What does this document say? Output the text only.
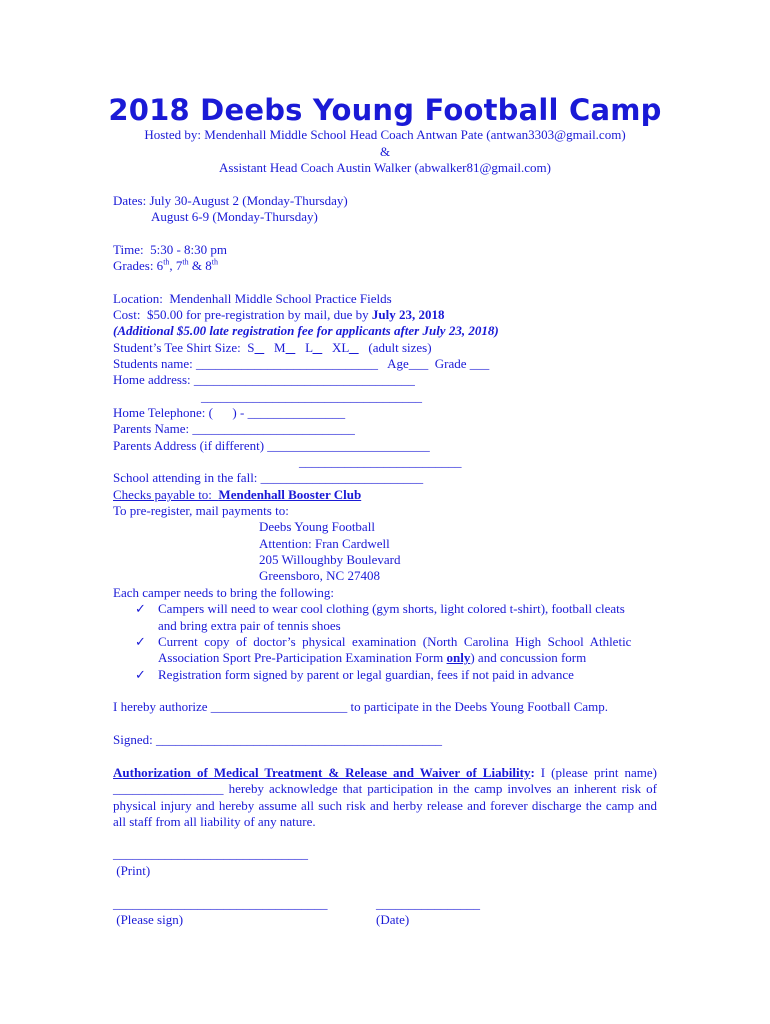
2018 Deebs Young Football Camp
Hosted by: Mendenhall Middle School Head Coach Antwan Pate (antwan3303@gmail.com)
&
Assistant Head Coach Austin Walker (abwalker81@gmail.com)
Dates: July 30-August 2 (Monday-Thursday)
August 6-9 (Monday-Thursday)
Time:  5:30 - 8:30 pm
Grades: 6th, 7th & 8th
Location:  Mendenhall Middle School Practice Fields
Cost:  $50.00 for pre-registration by mail, due by July 23, 2018
(Additional $5.00 late registration fee for applicants after July 23, 2018)
Student’s Tee Shirt Size:  S M L XL (adult sizes)
Students name: ____________________________   Age___  Grade ___
Home address: __________________________________
__________________________________
Home Telephone: (      ) - _______________
Parents Name: _________________________
Parents Address (if different) _________________________
_________________________
School attending in the fall: _________________________
Checks payable to:  Mendenhall Booster Club
To pre-register, mail payments to:
Deebs Young Football
Attention: Fran Cardwell
205 Willoughby Boulevard
Greensboro, NC 27408
Each camper needs to bring the following:
✓ Campers will need to wear cool clothing (gym shorts, light colored t-shirt), football cleats
and bring extra pair of tennis shoes
✓ Current  copy  of  doctor’s  physical  examination  (North  Carolina  High  School  Athletic
Association Sport Pre-Participation Examination Form only) and concussion form
✓ Registration form signed by parent or legal guardian, fees if not paid in advance
I hereby authorize _____________________ to participate in the Deebs Young Football Camp.
Signed: ____________________________________________
Authorization of Medical Treatment & Release and Waiver of Liability: I (please print name) _________________ hereby acknowledge that participation in the camp involves an inherent risk of physical injury and hereby assume all such risk and herby release and forever discharge the camp and all staff from all liability of any nature.
______________________________
(Print)
_________________________________	________________
(Please sign)	(Date)
